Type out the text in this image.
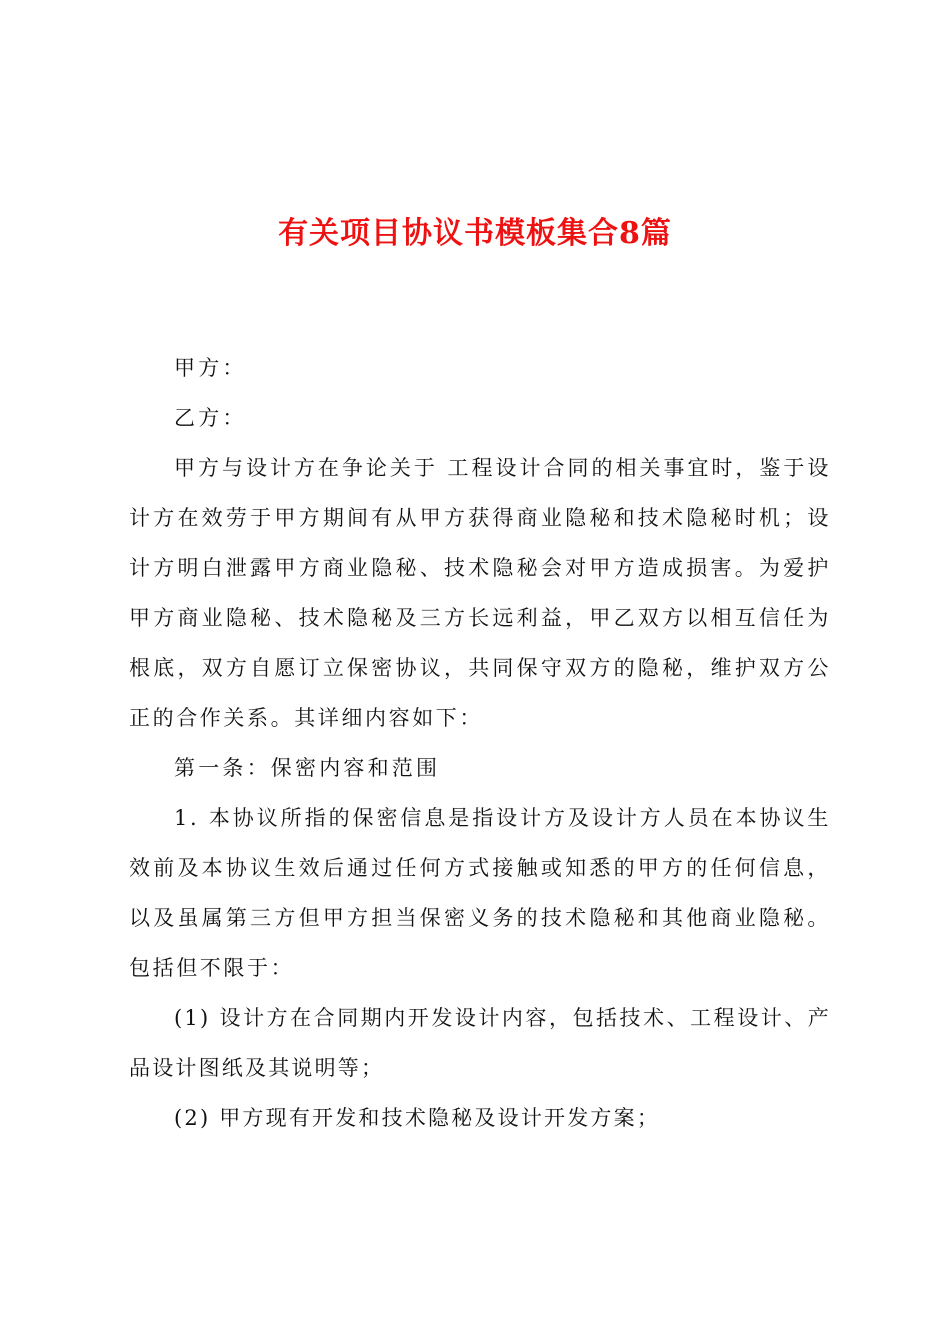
有关项目协议书模板集合8篇

甲方：

乙方：

甲方与设计方在争论关于 工程设计合同的相关事宜时，鉴于设计方在效劳于甲方期间有从甲方获得商业隐秘和技术隐秘时机；设计方明白泄露甲方商业隐秘、技术隐秘会对甲方造成损害。为爱护甲方商业隐秘、技术隐秘及三方长远利益，甲乙双方以相互信任为根底，双方自愿订立保密协议，共同保守双方的隐秘，维护双方公正的合作关系。其详细内容如下：

第一条：保密内容和范围

1. 本协议所指的保密信息是指设计方及设计方人员在本协议生效前及本协议生效后通过任何方式接触或知悉的甲方的任何信息，以及虽属第三方但甲方担当保密义务的技术隐秘和其他商业隐秘。包括但不限于：

(1) 设计方在合同期内开发设计内容，包括技术、工程设计、产品设计图纸及其说明等；

(2) 甲方现有开发和技术隐秘及设计开发方案；
